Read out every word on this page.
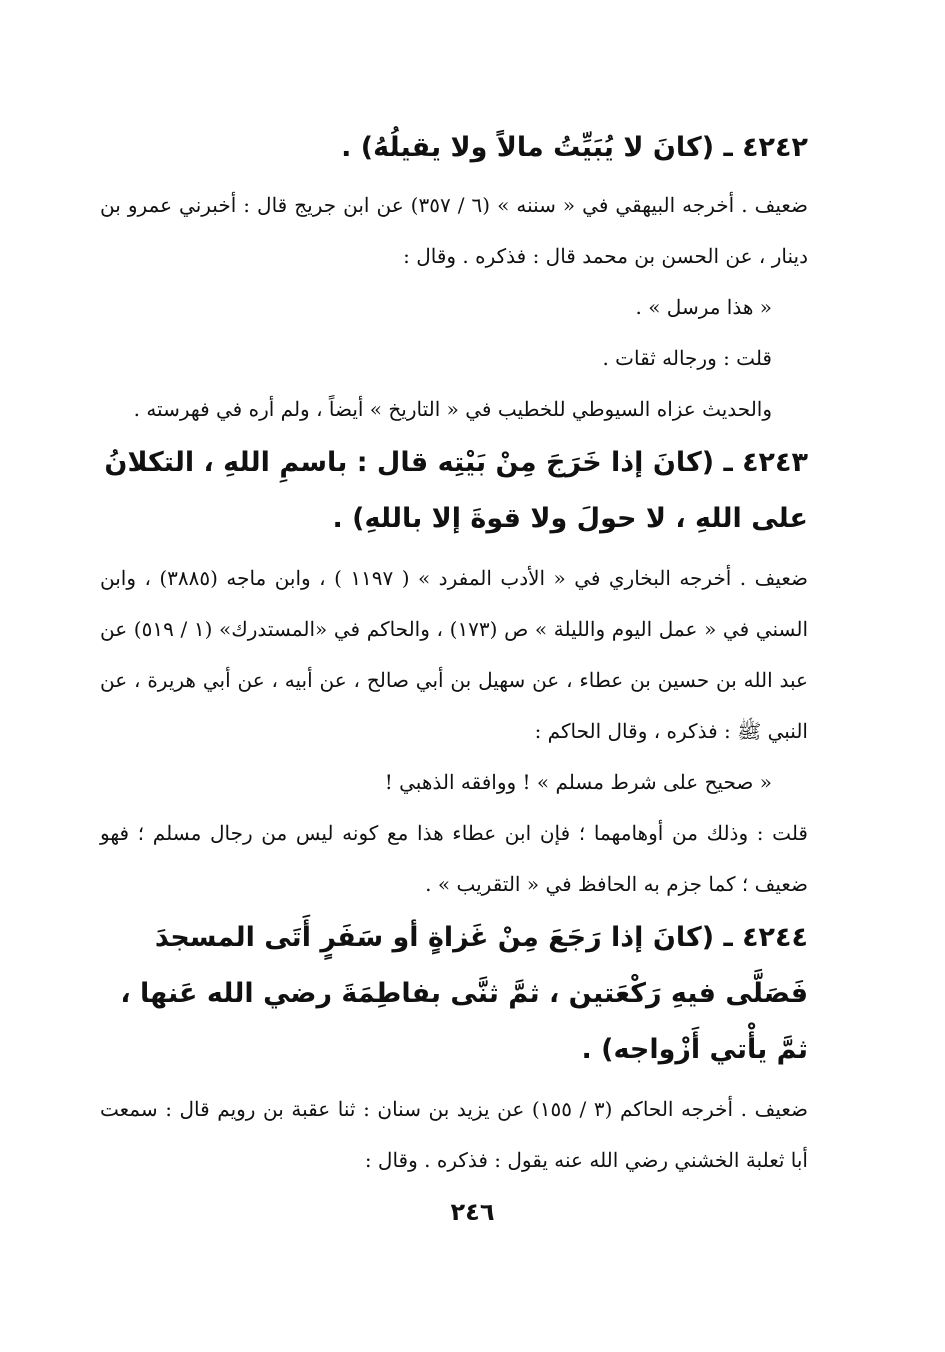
٤٢٤٢ ـ (كانَ لا يُبَيِّتُ مالاً ولا يقيلُهُ) .

ضعيف . أخرجه البيهقي في « سننه » (٦ / ٣٥٧) عن ابن جريج قال : أخبرني عمرو بن دينار ، عن الحسن بن محمد قال : فذكره . وقال :

« هذا مرسل » .

قلت : ورجاله ثقات .

والحديث عزاه السيوطي للخطيب في « التاريخ » أيضاً ، ولم أره في فهرسته .

٤٢٤٣ ـ (كانَ إذا خَرَجَ مِنْ بَيْتِه قال : باسمِ اللهِ ، التكلانُ على اللهِ ، لا حولَ ولا قوةَ إلا باللهِ) .

ضعيف . أخرجه البخاري في « الأدب المفرد » ( ١١٩٧ ) ، وابن ماجه (٣٨٨٥) ، وابن السني في « عمل اليوم والليلة » ص (١٧٣) ، والحاكم في «المستدرك» (١ / ٥١٩) عن عبد الله بن حسين بن عطاء ، عن سهيل بن أبي صالح ، عن أبيه ، عن أبي هريرة ، عن النبي ﷺ : فذكره ، وقال الحاكم :

« صحيح على شرط مسلم » ! ووافقه الذهبي !

قلت : وذلك من أوهامهما ؛ فإن ابن عطاء هذا مع كونه ليس من رجال مسلم ؛ فهو ضعيف ؛ كما جزم به الحافظ في « التقريب » .

٤٢٤٤ ـ (كانَ إذا رَجَعَ مِنْ غَزاةٍ أو سَفَرٍ أَتَى المسجدَ فَصَلَّى فيهِ رَكْعَتين ، ثمَّ ثنَّى بفاطِمَةَ رضي الله عَنها ، ثمَّ يأْتي أَزْواجه) .

ضعيف . أخرجه الحاكم (٣ / ١٥٥) عن يزيد بن سنان : ثنا عقبة بن رويم قال : سمعت أبا ثعلبة الخشني رضي الله عنه يقول : فذكره . وقال :

٢٤٦
